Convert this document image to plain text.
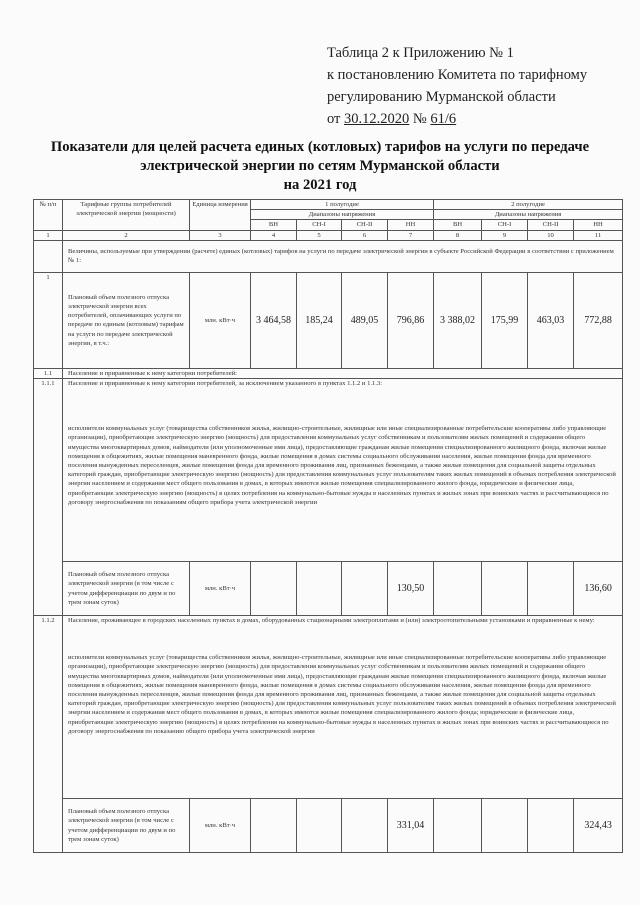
Таблица 2 к Приложению № 1
к постановлению Комитета по тарифному
регулированию Мурманской области
от 30.12.2020 № 61/6
Показатели для целей расчета единых (котловых) тарифов на услуги по передаче
электрической энергии по сетям Мурманской области
на 2021 год
№ п/п	Тарифные группы потребителей электрической энергии (мощности)	Единица измерения	1 полугодие				2 полугодие			
			Диапазоны напряжения				Диапазоны напряжения			
			ВН	СН-I	СН-II	НН	ВН	СН-I	СН-II	НН
1	2	3	4	5	6	7	8	9	10	11
	Величины, используемые при утверждении (расчете) единых (котловых) тарифов на услуги по передаче электрической энергии в субъекте Российской Федерации в соответствии с приложением № 1:									
1	Плановый объем полезного отпуска электрической энергии всех потребителей, оплачивающих услуги по передаче по единым (котловым) тарифам на услуги по передаче электрической энергии, в т.ч.:	млн. кВт·ч	3 464,58	185,24	489,05	796,86	3 388,02	175,99	463,03	772,88
1.1	Население и приравненные к нему категории потребителей:									
1.1.1	Население и приравненные к нему категории потребителей, за исключением указанного в пунктах 1.1.2 и 1.1.3:
исполнители коммунальных услуг (товарищества собственников жилья, жилищно-строительные, жилищные или иные специализированные потребительские кооперативы либо управляющие организации), приобретающие электрическую энергию (мощность) для предоставления коммунальных услуг собственникам и пользователям жилых помещений и содержания общего имущества многоквартирных домов, наймодатели (или уполномоченные ими лица), предоставляющие гражданам жилые помещения специализированного жилищного фонда, включая жилые помещения в общежитиях, жилые помещения маневренного фонда, жилые помещения в домах системы социального обслуживания населения, жилые помещения фонда для временного поселения вынужденных переселенцев, жилые помещения фонда для временного проживания лиц, признанных беженцами, а также жилые помещения для социальной защиты отдельных категорий граждан, приобретающие электрическую энергию (мощность) для предоставления коммунальных услуг пользователям таких жилых помещений в объемах потребления электрической энергии населением и содержания мест общего пользования в домах, в которых имеются жилые помещения специализированного жилого фонда, юридические и физические лица, приобретающие электрическую энергию (мощность) в целях потребления на коммунально-бытовые нужды в населенных пунктах и жилых зонах при воинских частях и рассчитывающиеся по договору энергоснабжения по показаниям общего прибора учета электрической энергии									

	Плановый объем полезного отпуска электрической энергии (в том числе с учетом дифференциации по двум и по трем зонам суток)	млн. кВт·ч				130,50				136,60
1.1.2	Население, проживающее в городских населенных пунктах в домах, оборудованных стационарными электроплитами и (или) электроотопительными установками и приравненные к нему:
исполнители коммунальных услуг (товарищества собственников жилья, жилищно-строительные, жилищные или иные специализированные потребительские кооперативы либо управляющие организации), приобретающие электрическую энергию (мощность) для предоставления коммунальных услуг собственникам и пользователям жилых помещений и содержания общего имущества многоквартирных домов, наймодатели (или уполномоченные ими лица), предоставляющие гражданам жилые помещения специализированного жилищного фонда, включая жилые помещения в общежитиях, жилые помещения маневренного фонда, жилые помещения в домах системы социального обслуживания населения, жилые помещения фонда для временного поселения вынужденных переселенцев, жилые помещения фонда для временного проживания лиц, признанных беженцами, а также жилые помещения для социальной защиты отдельных категорий граждан, приобретающие электрическую энергию (мощность) для предоставления коммунальных услуг пользователям таких жилых помещений в объемах потребления электрической энергии населением и содержания мест общего пользования в домах, в которых имеются жилые помещения специализированного жилого фонда; юридические и физические лица, приобретающие электрическую энергию (мощность) в целях потребления на коммунально-бытовые нужды в населенных пунктах и жилых зонах при воинских частях и рассчитывающиеся по договору энергоснабжения по показанию общего прибора учета электрической энергии									

	Плановый объем полезного отпуска электрической энергии (в том числе с учетом дифференциации по двум и по трем зонам суток)	млн. кВт·ч				331,04				324,43
